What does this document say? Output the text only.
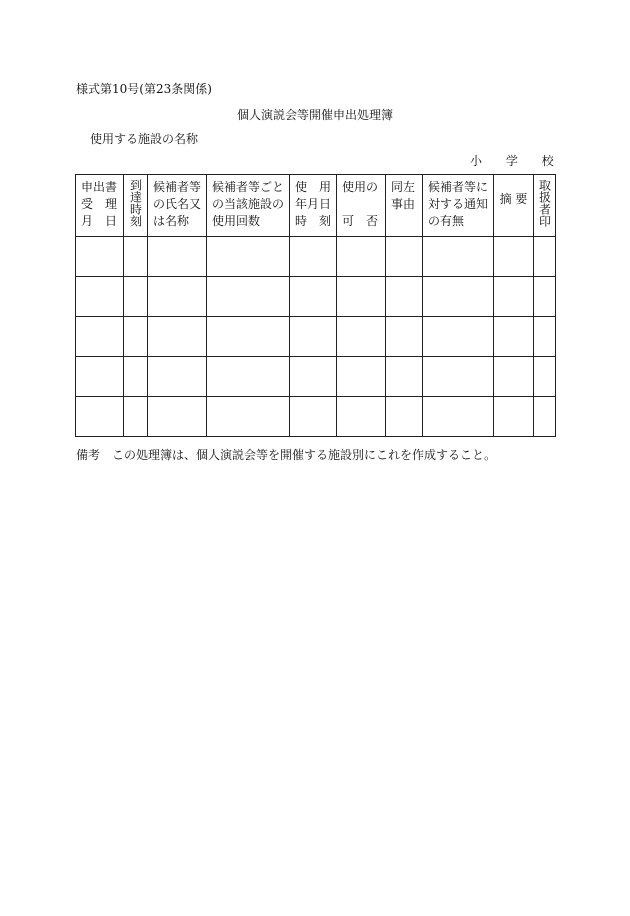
様式第10号(第23条関係)
個人演説会等開催申出処理簿
使用する施設の名称
小 学 校
申出書
受　理
月　日	到達時刻	候補者等
の氏名又
は名称	候補者等ごと
の当該施設の
使用回数	使　用
年月日
時　刻	使用の

可　否	同左
事由	候補者等に
対する通知
の有無	摘 要	取扱者印

備考　この処理簿は、個人演説会等を開催する施設別にこれを作成すること。
